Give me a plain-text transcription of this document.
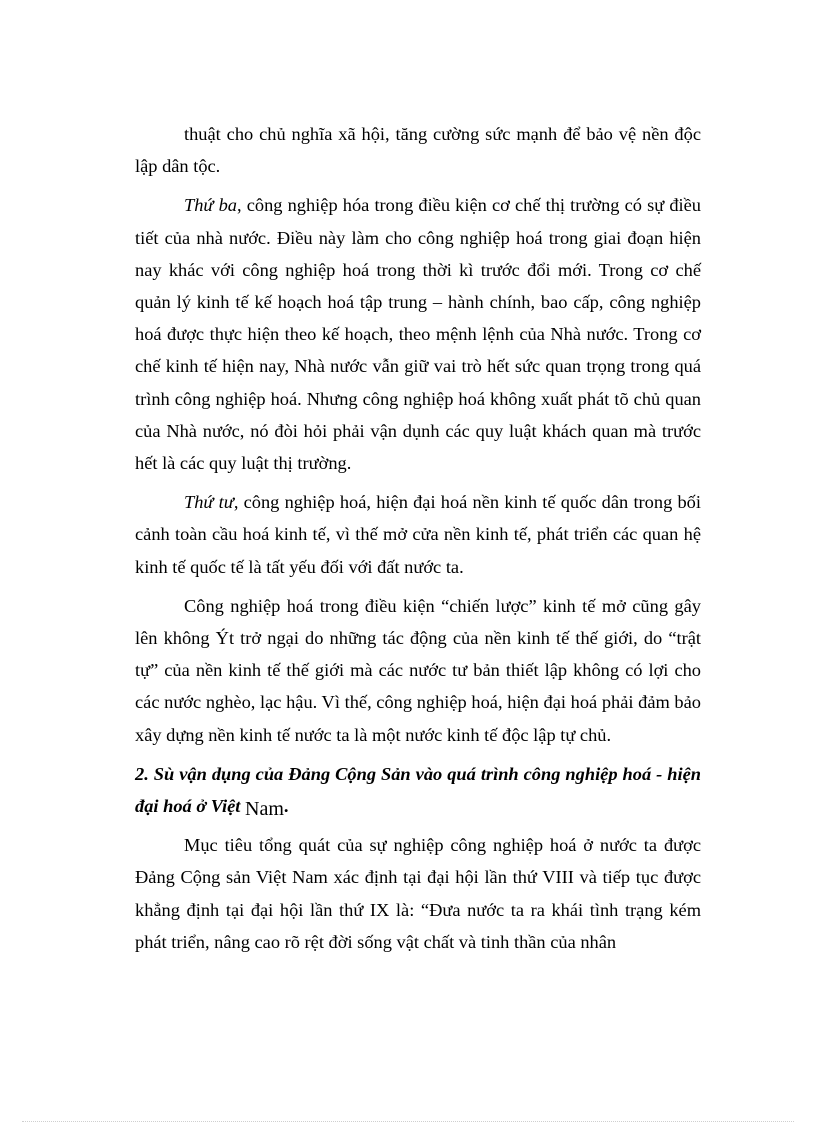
thuật cho chủ nghĩa xã hội, tăng cường sức mạnh để bảo vệ nền độc lập dân tộc.

Thứ ba, công nghiệp hóa trong điều kiện cơ chế thị trường có sự điều tiết của nhà nước. Điều này làm cho công nghiệp hoá trong giai đoạn hiện nay khác với công nghiệp hoá trong thời kì trước đổi mới. Trong cơ chế quản lý kinh tế kế hoạch hoá tập trung – hành chính, bao cấp, công nghiệp hoá được thực hiện theo kế hoạch, theo mệnh lệnh của Nhà nước. Trong cơ chế kinh tế hiện nay, Nhà nước vẫn giữ vai trò hết sức quan trọng trong quá trình công nghiệp hoá. Nhưng công nghiệp hoá không xuất phát tõ chủ quan của Nhà nước, nó đòi hỏi phải vận dụnh các quy luật khách quan mà trước hết là các quy luật thị trường.

Thứ tư, công nghiệp hoá, hiện đại hoá nền kinh tế quốc dân trong bối cảnh toàn cầu hoá kinh tế, vì thế mở cửa nền kinh tế, phát triển các quan hệ kinh tế quốc tế là tất yếu đối với đất nước ta.

Công nghiệp hoá trong điều kiện “chiến lược” kinh tế mở cũng gây lên không Ýt trở ngại do những tác động của nền kinh tế thế giới, do “trật tự” của nền kinh tế thế giới mà các nước tư bản thiết lập không có lợi cho các nước nghèo, lạc hậu. Vì thế, công nghiệp hoá, hiện đại hoá phải đảm bảo xây dựng nền kinh tế nước ta là một nước kinh tế độc lập tự chủ.

2. Sù vận dụng của Đảng Cộng Sản vào quá trình công nghiệp hoá - hiện đại hoá ở Việt Nam.

Mục tiêu tổng quát của sự nghiệp công nghiệp hoá ở nước ta được Đảng Cộng sản Việt Nam xác định tại đại hội lần thứ VIII và tiếp tục được khẳng định tại đại hội lần thứ IX là: “Đưa nước ta ra khái tình trạng kém phát triển, nâng cao rõ rệt đời sống vật chất và tinh thần của nhân
